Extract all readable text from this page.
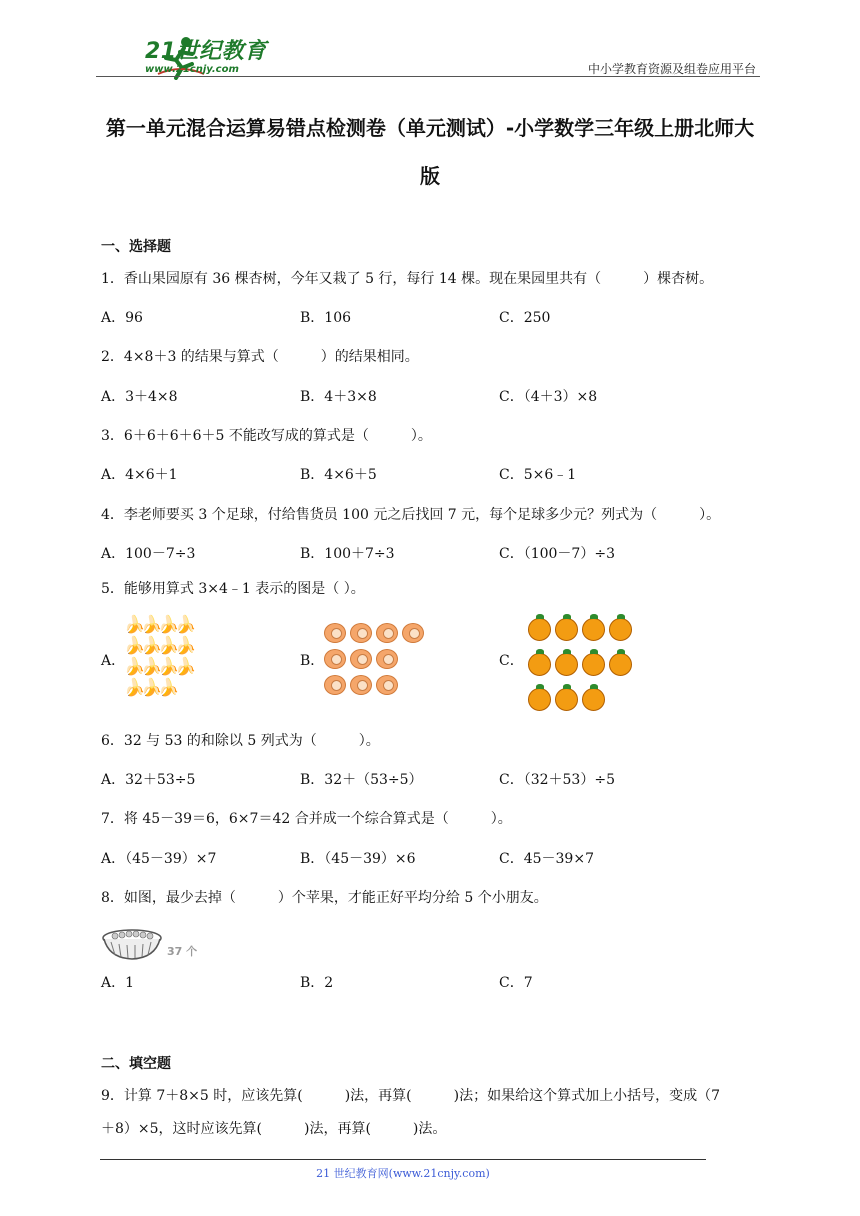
21世纪教育
www.21cnjy.com	中小学教育资源及组卷应用平台
第一单元混合运算易错点检测卷（单元测试）-小学数学三年级上册北师大版
一、选择题
1．香山果园原有 36 棵杏树，今年又栽了 5 行，每行 14 棵。现在果园里共有（　　　）棵杏树。
A．96	B．106	C．250
2．4×8＋3 的结果与算式（　　　）的结果相同。
A．3＋4×8	B．4＋3×8	C．（4＋3）×8
3．6＋6＋6＋6＋5 不能改写成的算式是（　　　）。
A．4×6＋1	B．4×6＋5	C．5×6﹣1
4．李老师要买 3 个足球，付给售货员 100 元之后找回 7 元，每个足球多少元？列式为（　　　）。
A．100－7÷3	B．100＋7÷3	C．（100－7）÷3
5．能够用算式 3×4﹣1 表示的图是（ ）。
A．
🍌🍌🍌🍌
🍌🍌🍌🍌
🍌🍌🍌🍌
🍌🍌🍌
B．	C．
6．32 与 53 的和除以 5 列式为（　　　）。
A．32＋53÷5	B．32＋（53÷5）	C．（32＋53）÷5
7．将 45－39＝6，6×7＝42 合并成一个综合算式是（　　　）。
A．（45－39）×7	B．（45－39）×6	C．45－39×7
8．如图，最少去掉（　　　）个苹果，才能正好平均分给 5 个小朋友。
37 个
A．1	B．2	C．7
二、填空题
9．计算 7＋8×5 时，应该先算(　　　)法，再算(　　　)法；如果给这个算式加上小括号，变成（7
＋8）×5，这时应该先算(　　　)法，再算(　　　)法。
21 世纪教育网(www.21cnjy.com)
